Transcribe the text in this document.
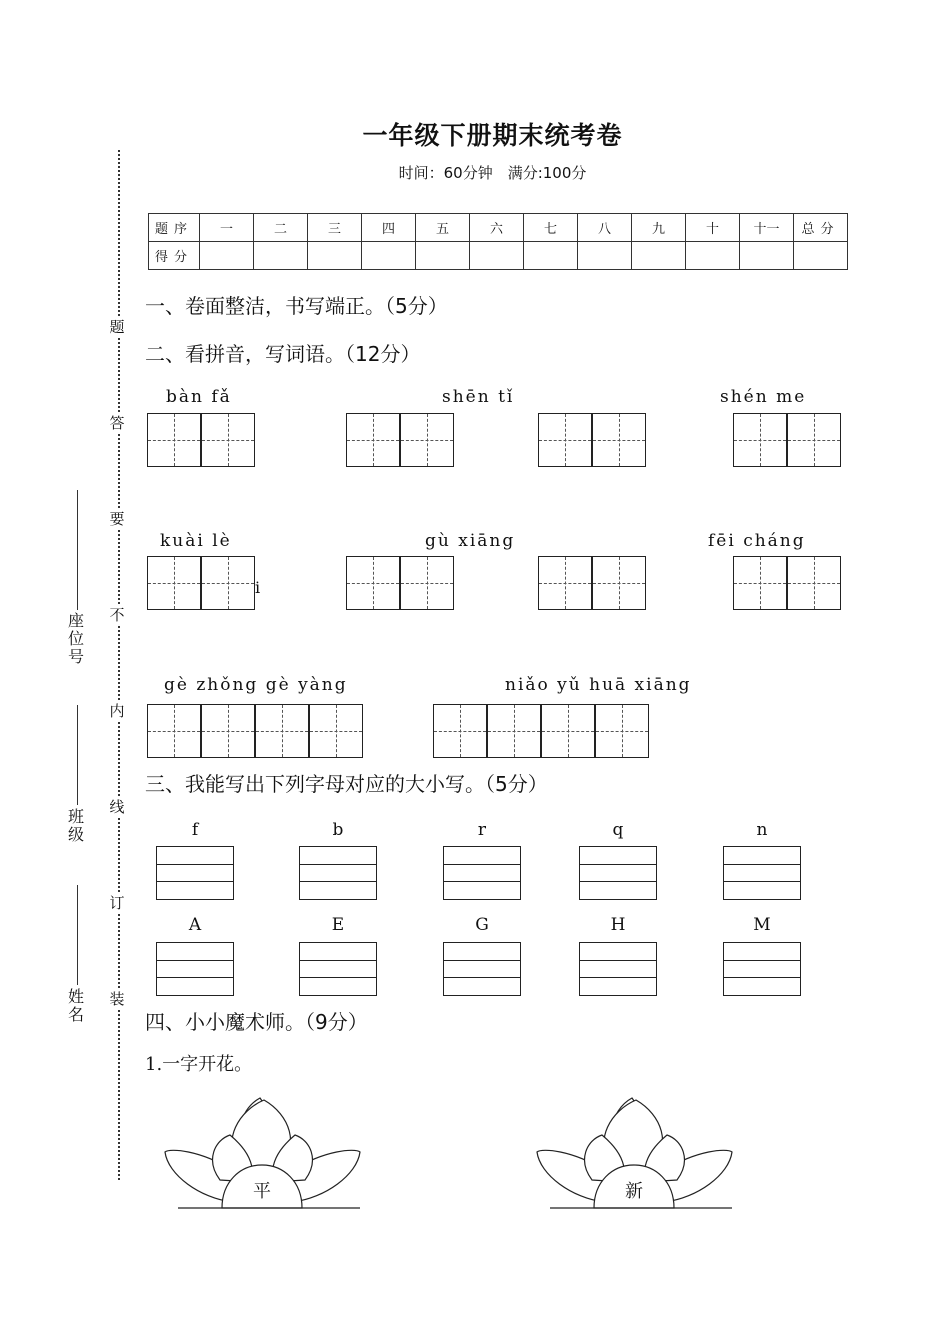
一年级下册期末统考卷
时间：60分钟　满分:100分
题
答
要
不
内
线
订
装
座
位
号
班
级
姓
名
题序	一	二	三	四	五	六	七	八	九	十	十一	总分
得分												
一、卷面整洁，书写端正。（5分）
二、看拼音，写词语。（12分）
bàn fǎ	shēn tǐ	shén me
kuài lè	gù xiāng	fēi cháng
i
gè zhǒng gè yàng	niǎo yǔ huā xiāng
三、我能写出下列字母对应的大小写。（5分）
f	b	r	q	n
A	E	G	H	M
四、小小魔术师。（9分）
1.一字开花。
平	新
